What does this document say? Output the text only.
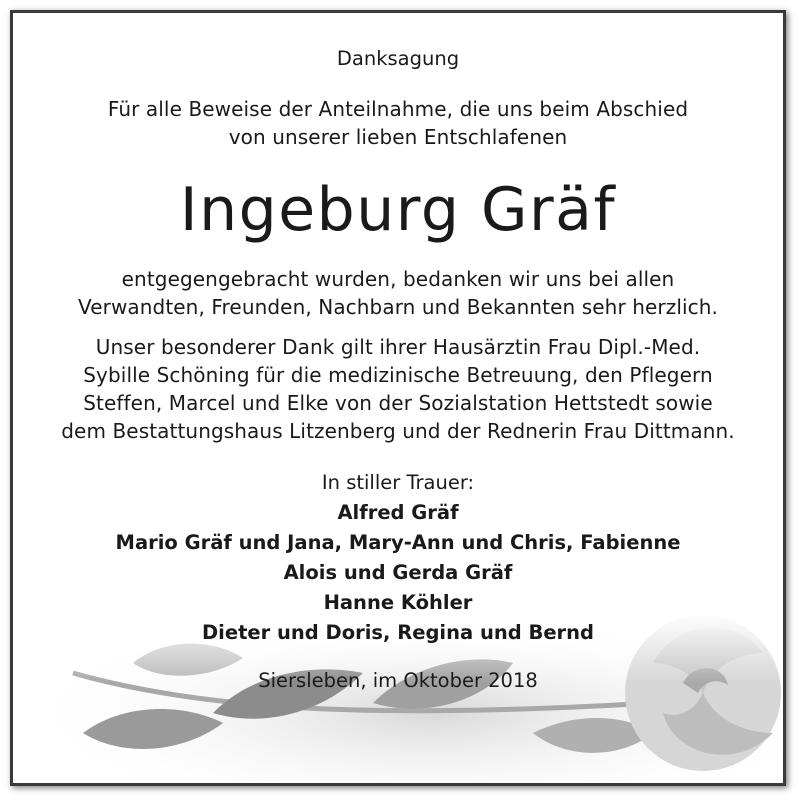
Danksagung
Für alle Beweise der Anteilnahme, die uns beim Abschied
von unserer lieben Entschlafenen
Ingeburg Gräf
entgegengebracht wurden, bedanken wir uns bei allen
Verwandten, Freunden, Nachbarn und Bekannten sehr herzlich.
Unser besonderer Dank gilt ihrer Hausärztin Frau Dipl.-Med.
Sybille Schöning für die medizinische Betreuung, den Pflegern
Steffen, Marcel und Elke von der Sozialstation Hettstedt sowie
dem Bestattungshaus Litzenberg und der Rednerin Frau Dittmann.
In stiller Trauer:
Alfred Gräf
Mario Gräf und Jana, Mary-Ann und Chris, Fabienne
Alois und Gerda Gräf
Hanne Köhler
Dieter und Doris, Regina und Bernd
Siersleben, im Oktober 2018
